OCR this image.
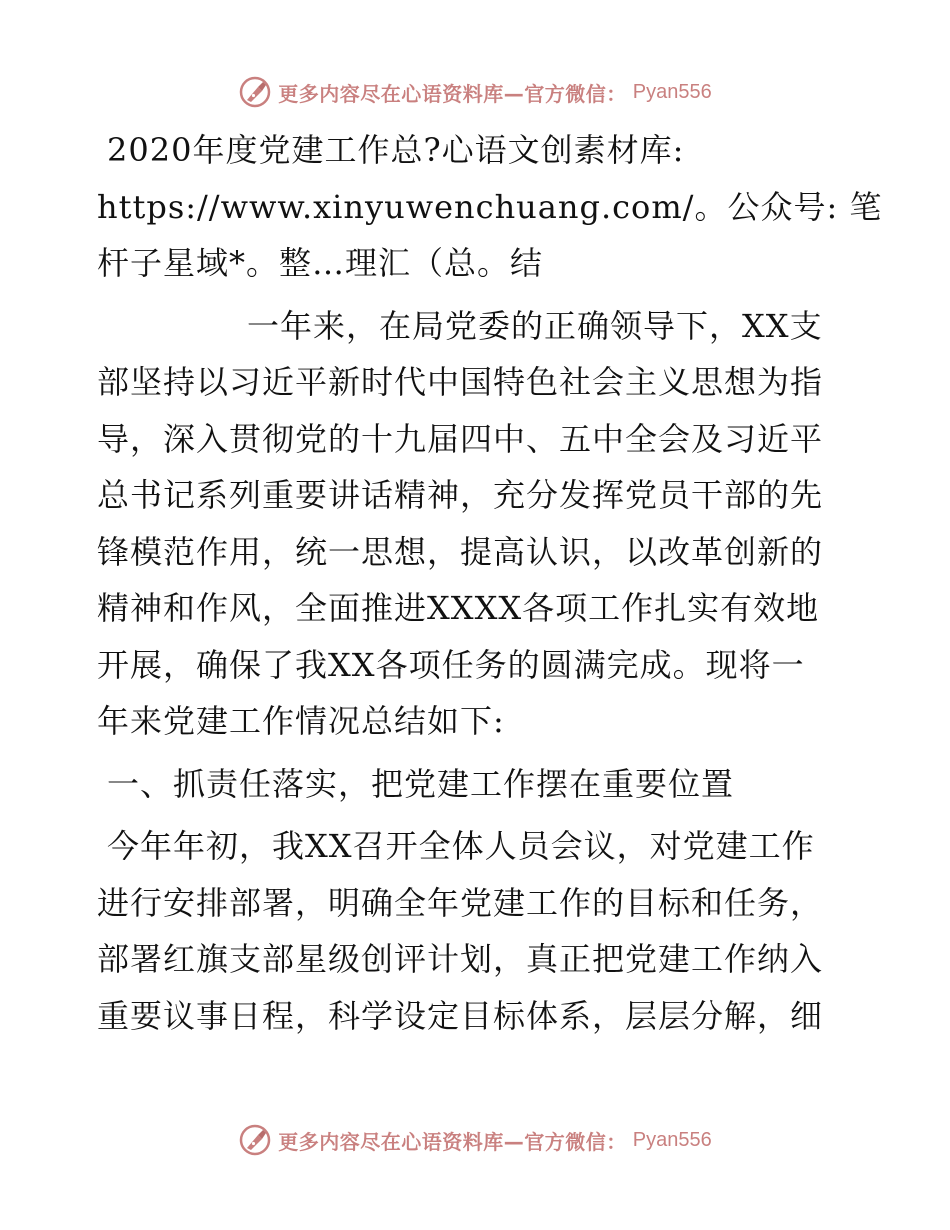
更多内容尽在心语资料库—官方微信： Pyan556
2020年度党建工作总?心语文创素材库:
https://www.xinyuwenchuang.com/。公众号: 笔
杆子星域*。整…理汇（总。结
一年来，在局党委的正确领导下，XX支
部坚持以习近平新时代中国特色社会主义思想为指
导，深入贯彻党的十九届四中、五中全会及习近平
总书记系列重要讲话精神，充分发挥党员干部的先
锋模范作用，统一思想，提高认识，以改革创新的
精神和作风，全面推进XXXX各项工作扎实有效地
开展，确保了我XX各项任务的圆满完成。现将一
年来党建工作情况总结如下:
一、抓责任落实，把党建工作摆在重要位置
今年年初，我XX召开全体人员会议，对党建工作
进行安排部署，明确全年党建工作的目标和任务，
部署红旗支部星级创评计划，真正把党建工作纳入
重要议事日程，科学设定目标体系，层层分解，细
更多内容尽在心语资料库—官方微信： Pyan556
